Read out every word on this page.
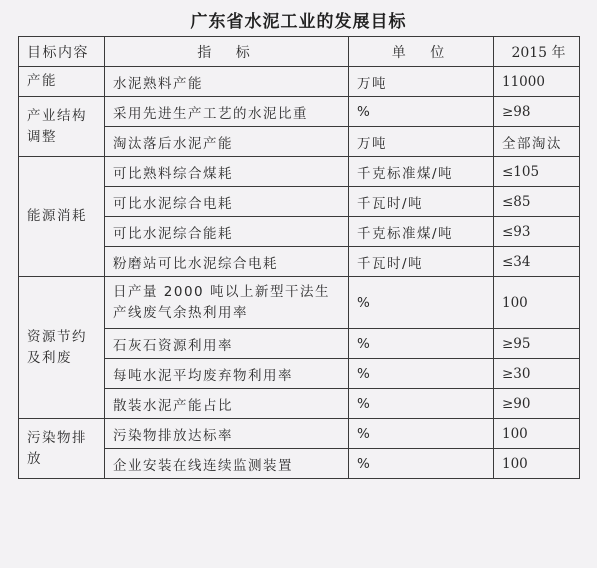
广东省水泥工业的发展目标
目标内容	指 标	单 位	2015 年
产能	水泥熟料产能	万吨	11000
产业结构调整	采用先进生产工艺的水泥比重	%	≥98
	淘汰落后水泥产能	万吨	全部淘汰
能源消耗	可比熟料综合煤耗	千克标准煤/吨	≤105
	可比水泥综合电耗	千瓦时/吨	≤85
	可比水泥综合能耗	千克标准煤/吨	≤93
	粉磨站可比水泥综合电耗	千瓦时/吨	≤34
资源节约及利废	日产量 2000 吨以上新型干法生产线废气余热利用率	%	100
	石灰石资源利用率	%	≥95
	每吨水泥平均废弃物利用率	%	≥30
	散装水泥产能占比	%	≥90
污染物排放	污染物排放达标率	%	100
	企业安装在线连续监测装置	%	100
